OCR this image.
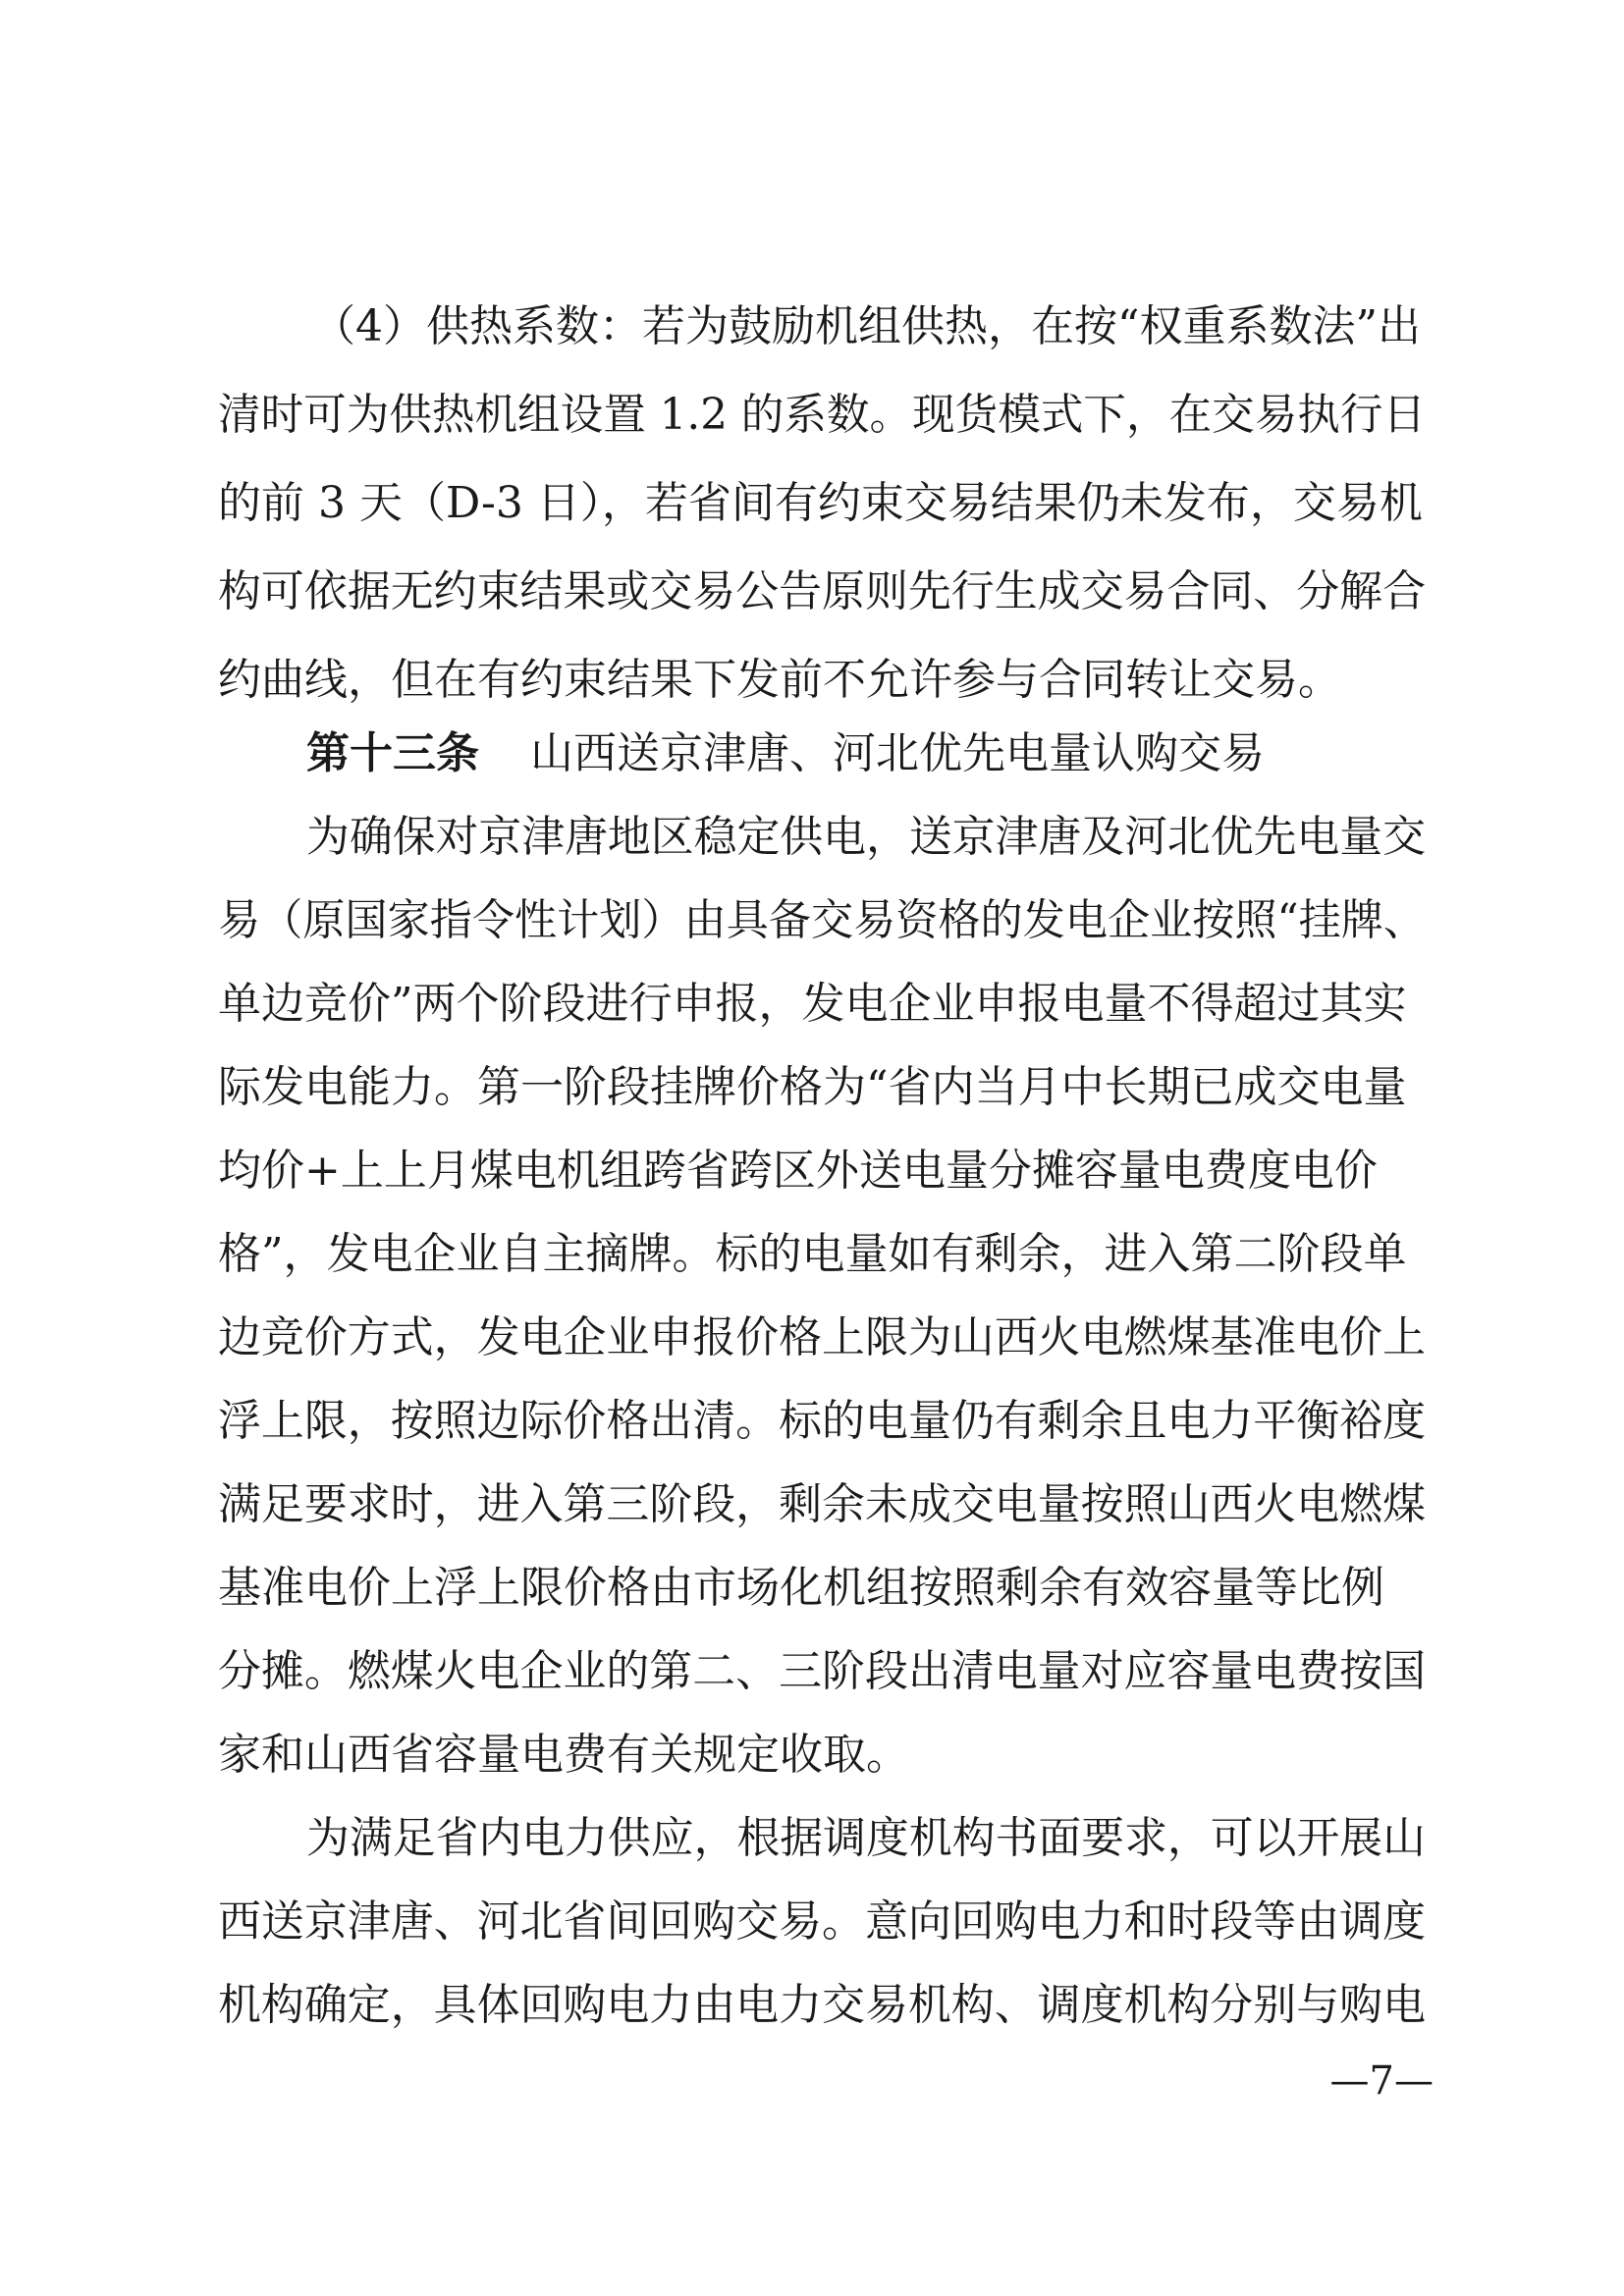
（4）供热系数：若为鼓励机组供热，在按“权重系数法”出
清时可为供热机组设置 1.2 的系数。现货模式下，在交易执行日
的前 3 天（D-3 日），若省间有约束交易结果仍未发布，交易机
构可依据无约束结果或交易公告原则先行生成交易合同、分解合
约曲线，但在有约束结果下发前不允许参与合同转让交易。
第十三条 山西送京津唐、河北优先电量认购交易
为确保对京津唐地区稳定供电，送京津唐及河北优先电量交
易（原国家指令性计划）由具备交易资格的发电企业按照“挂牌、
单边竞价”两个阶段进行申报，发电企业申报电量不得超过其实
际发电能力。第一阶段挂牌价格为“省内当月中长期已成交电量
均价+上上月煤电机组跨省跨区外送电量分摊容量电费度电价
格”，发电企业自主摘牌。标的电量如有剩余，进入第二阶段单
边竞价方式，发电企业申报价格上限为山西火电燃煤基准电价上
浮上限，按照边际价格出清。标的电量仍有剩余且电力平衡裕度
满足要求时，进入第三阶段，剩余未成交电量按照山西火电燃煤
基准电价上浮上限价格由市场化机组按照剩余有效容量等比例
分摊。燃煤火电企业的第二、三阶段出清电量对应容量电费按国
家和山西省容量电费有关规定收取。
为满足省内电力供应，根据调度机构书面要求，可以开展山
西送京津唐、河北省间回购交易。意向回购电力和时段等由调度
机构确定，具体回购电力由电力交易机构、调度机构分别与购电
—7—
